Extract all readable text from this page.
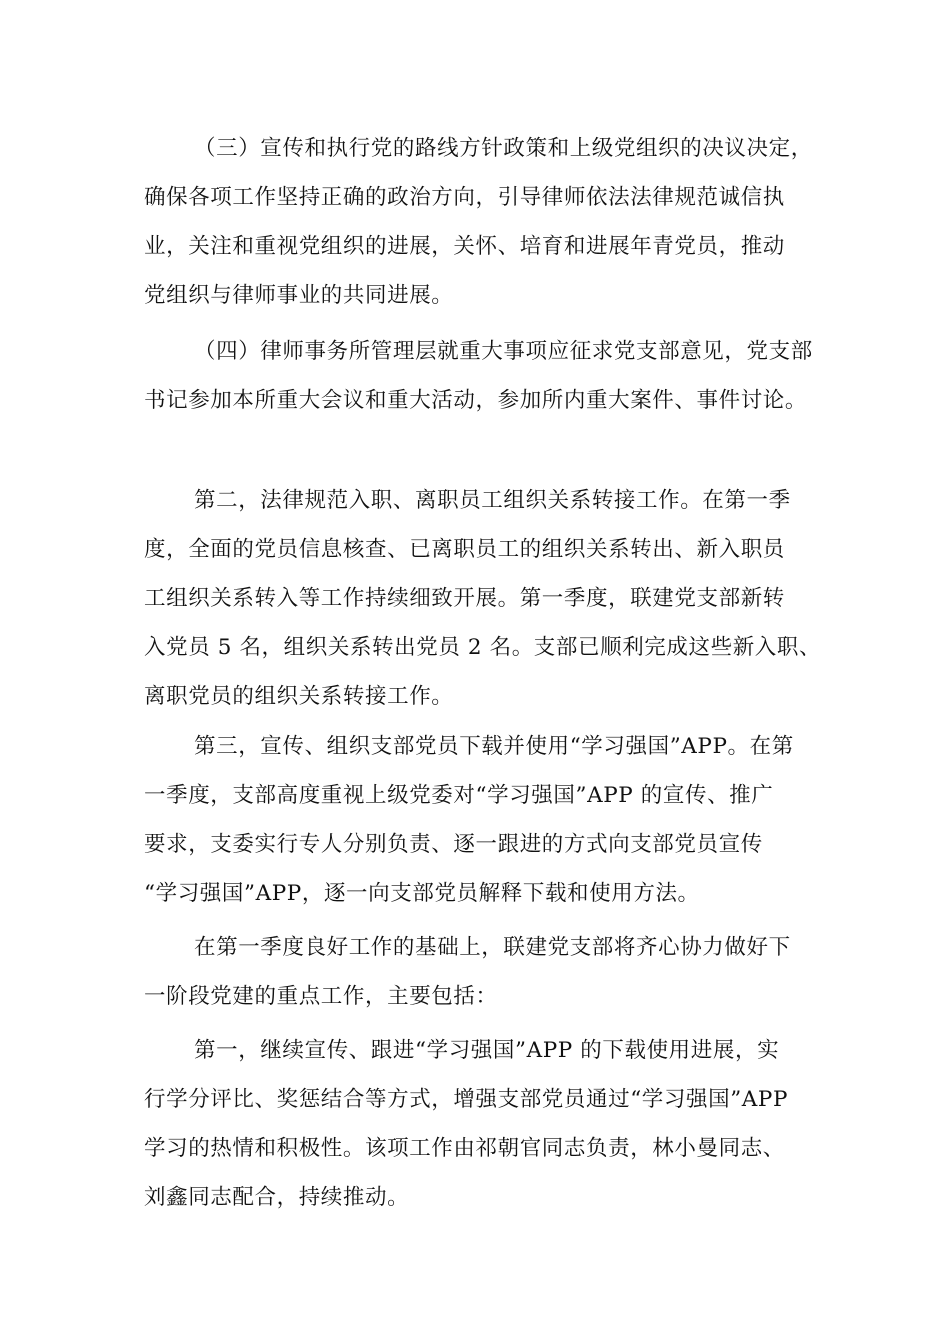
（三）宣传和执行党的路线方针政策和上级党组织的决议决定，
确保各项工作坚持正确的政治方向，引导律师依法法律规范诚信执
业，关注和重视党组织的进展，关怀、培育和进展年青党员，推动
党组织与律师事业的共同进展。
（四）律师事务所管理层就重大事项应征求党支部意见，党支部
书记参加本所重大会议和重大活动，参加所内重大案件、事件讨论。
第二，法律规范入职、离职员工组织关系转接工作。在第一季
度，全面的党员信息核查、已离职员工的组织关系转出、新入职员
工组织关系转入等工作持续细致开展。第一季度，联建党支部新转
入党员 5 名，组织关系转出党员 2 名。支部已顺利完成这些新入职、
离职党员的组织关系转接工作。
第三，宣传、组织支部党员下载并使用“学习强国”APP。在第
一季度，支部高度重视上级党委对“学习强国”APP 的宣传、推广
要求，支委实行专人分别负责、逐一跟进的方式向支部党员宣传
“学习强国”APP，逐一向支部党员解释下载和使用方法。
在第一季度良好工作的基础上，联建党支部将齐心协力做好下
一阶段党建的重点工作，主要包括：
第一，继续宣传、跟进“学习强国”APP 的下载使用进展，实
行学分评比、奖惩结合等方式，增强支部党员通过“学习强国”APP
学习的热情和积极性。该项工作由祁朝官同志负责，林小曼同志、
刘鑫同志配合，持续推动。
